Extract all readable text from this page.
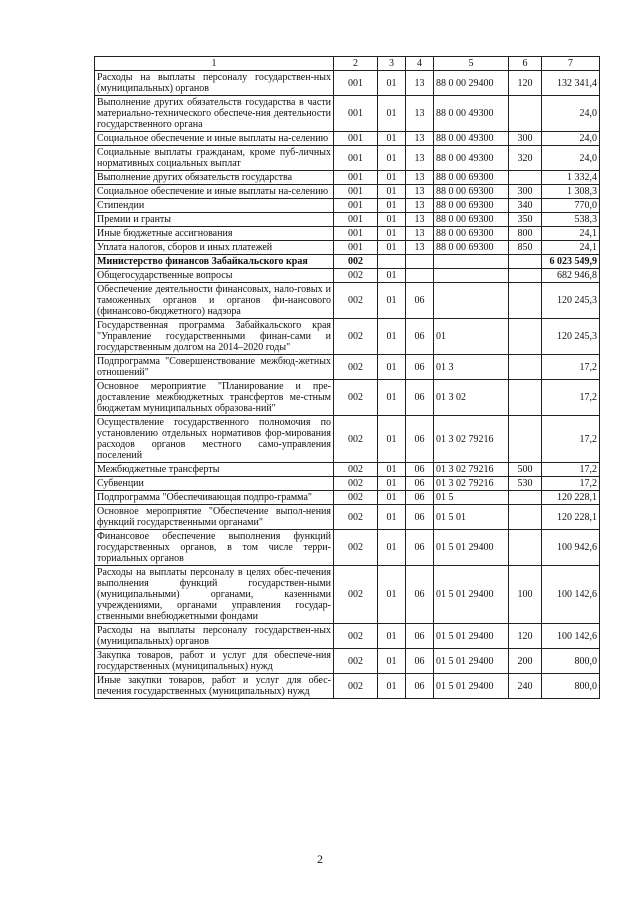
1	2	3	4	5	6	7
Расходы на выплаты персоналу государствен-ных (муниципальных) органов	001	01	13	88 0 00 29400	120	132 341,4
Выполнение других обязательств государства в части материально-технического обеспече-ния деятельности государственного органа	001	01	13	88 0 00 49300		24,0
Социальное обеспечение и иные выплаты на-селению	001	01	13	88 0 00 49300	300	24,0
Социальные выплаты гражданам, кроме пуб-личных нормативных социальных выплат	001	01	13	88 0 00 49300	320	24,0
Выполнение других обязательств государства	001	01	13	88 0 00 69300		1 332,4
Социальное обеспечение и иные выплаты на-селению	001	01	13	88 0 00 69300	300	1 308,3
Стипендии	001	01	13	88 0 00 69300	340	770,0
Премии и гранты	001	01	13	88 0 00 69300	350	538,3
Иные бюджетные ассигнования	001	01	13	88 0 00 69300	800	24,1
Уплата налогов, сборов и иных платежей	001	01	13	88 0 00 69300	850	24,1
Министерство финансов Забайкальского края	002					6 023 549,9
Общегосударственные вопросы	002	01				682 946,8
Обеспечение деятельности финансовых, нало-говых и таможенных органов и органов фи-нансового (финансово-бюджетного) надзора	002	01	06			120 245,3
Государственная программа Забайкальского края "Управление государственными финан-сами и государственным долгом на 2014–2020 годы"	002	01	06	01		120 245,3
Подпрограмма "Совершенствование межбюд-жетных отношений"	002	01	06	01 3		17,2
Основное мероприятие "Планирование и пре-доставление межбюджетных трансфертов ме-стным бюджетам муниципальных образова-ний"	002	01	06	01 3 02		17,2
Осуществление государственного полномочия по установлению отдельных нормативов фор-мирования расходов органов местного само-управления поселений	002	01	06	01 3 02 79216		17,2
Межбюджетные трансферты	002	01	06	01 3 02 79216	500	17,2
Субвенции	002	01	06	01 3 02 79216	530	17,2
Подпрограмма "Обеспечивающая подпро-грамма"	002	01	06	01 5		120 228,1
Основное мероприятие "Обеспечение выпол-нения функций государственными органами"	002	01	06	01 5 01		120 228,1
Финансовое обеспечение выполнения функций государственных органов, в том числе терри-ториальных органов	002	01	06	01 5 01 29400		100 942,6
Расходы на выплаты персоналу в целях обес-печения выполнения функций государствен-ными (муниципальными) органами, казенными учреждениями, органами управления государ-ственными внебюджетными фондами	002	01	06	01 5 01 29400	100	100 142,6
Расходы на выплаты персоналу государствен-ных (муниципальных) органов	002	01	06	01 5 01 29400	120	100 142,6
Закупка товаров, работ и услуг для обеспече-ния государственных (муниципальных) нужд	002	01	06	01 5 01 29400	200	800,0
Иные закупки товаров, работ и услуг для обес-печения государственных (муниципальных) нужд	002	01	06	01 5 01 29400	240	800,0
2
